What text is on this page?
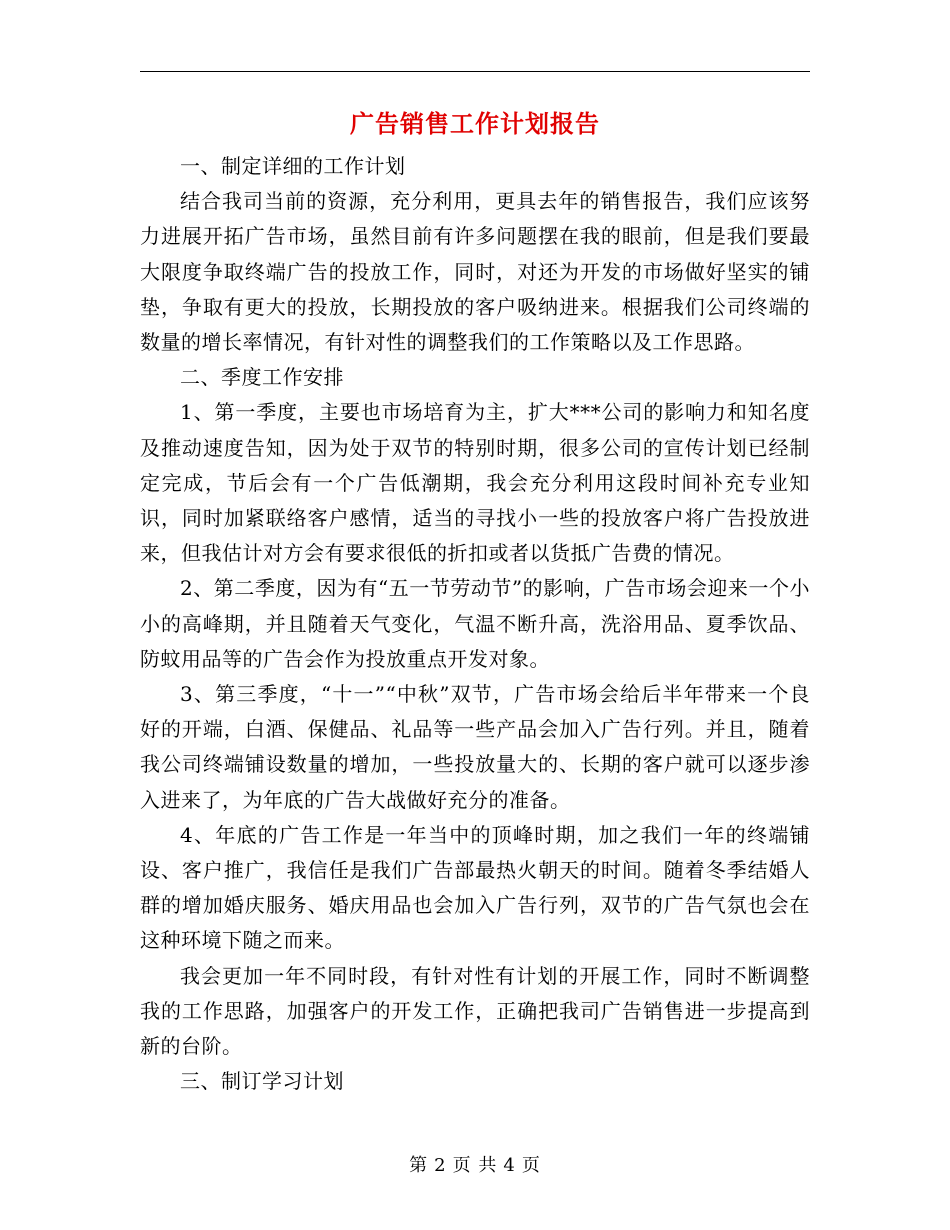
广告销售工作计划报告

一、制定详细的工作计划

结合我司当前的资源，充分利用，更具去年的销售报告，我们应该努力进展开拓广告市场，虽然目前有许多问题摆在我的眼前，但是我们要最大限度争取终端广告的投放工作，同时，对还为开发的市场做好坚实的铺垫，争取有更大的投放，长期投放的客户吸纳进来。根据我们公司终端的数量的增长率情况，有针对性的调整我们的工作策略以及工作思路。

二、季度工作安排

1、第一季度，主要也市场培育为主，扩大***公司的影响力和知名度及推动速度告知，因为处于双节的特别时期，很多公司的宣传计划已经制定完成，节后会有一个广告低潮期，我会充分利用这段时间补充专业知识，同时加紧联络客户感情，适当的寻找小一些的投放客户将广告投放进来，但我估计对方会有要求很低的折扣或者以货抵广告费的情况。

2、第二季度，因为有“五一节劳动节”的影响，广告市场会迎来一个小小的高峰期，并且随着天气变化，气温不断升高，洗浴用品、夏季饮品、防蚊用品等的广告会作为投放重点开发对象。

3、第三季度，“十一”“中秋”双节，广告市场会给后半年带来一个良好的开端，白酒、保健品、礼品等一些产品会加入广告行列。并且，随着我公司终端铺设数量的增加，一些投放量大的、长期的客户就可以逐步渗入进来了，为年底的广告大战做好充分的准备。

4、年底的广告工作是一年当中的顶峰时期，加之我们一年的终端铺设、客户推广，我信任是我们广告部最热火朝天的时间。随着冬季结婚人群的增加婚庆服务、婚庆用品也会加入广告行列，双节的广告气氛也会在这种环境下随之而来。

我会更加一年不同时段，有针对性有计划的开展工作，同时不断调整我的工作思路，加强客户的开发工作，正确把我司广告销售进一步提高到新的台阶。

三、制订学习计划

第 2 页 共 4 页
